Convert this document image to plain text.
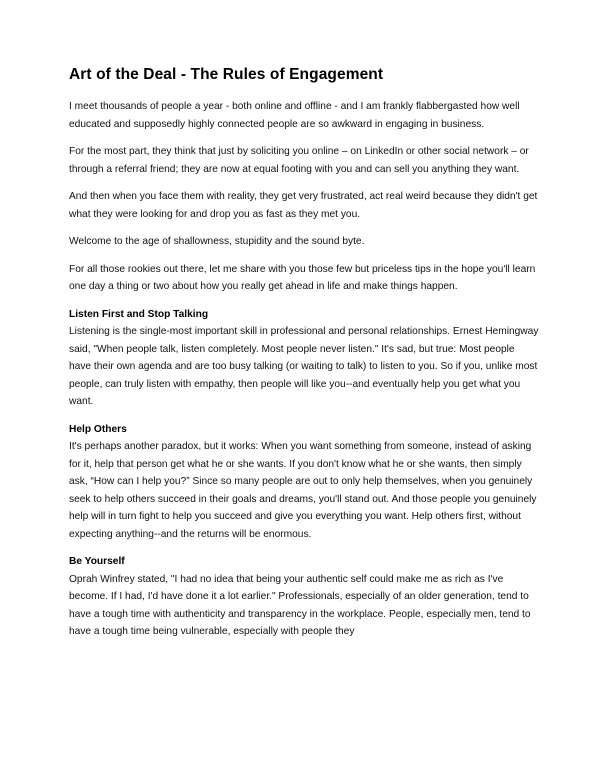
Art of the Deal - The Rules of Engagement

I meet thousands of people a year - both online and offline - and I am frankly flabbergasted how well educated and supposedly highly connected people are so awkward in engaging in business.

For the most part, they think that just by soliciting you online – on LinkedIn or other social network – or through a referral friend; they are now at equal footing with you and can sell you anything they want.

And then when you face them with reality, they get very frustrated, act real weird because they didn't get what they were looking for and drop you as fast as they met you.

Welcome to the age of shallowness, stupidity and the sound byte.

For all those rookies out there, let me share with you those few but priceless tips in the hope you'll learn one day a thing or two about how you really get ahead in life and make things happen.

Listen First and Stop Talking

Listening is the single-most important skill in professional and personal relationships. Ernest Hemingway said, "When people talk, listen completely. Most people never listen." It's sad, but true: Most people have their own agenda and are too busy talking (or waiting to talk) to listen to you. So if you, unlike most people, can truly listen with empathy, then people will like you--and eventually help you get what you want.

Help Others

It's perhaps another paradox, but it works: When you want something from someone, instead of asking for it, help that person get what he or she wants. If you don't know what he or she wants, then simply ask, “How can I help you?” Since so many people are out to only help themselves, when you genuinely seek to help others succeed in their goals and dreams, you'll stand out. And those people you genuinely help will in turn fight to help you succeed and give you everything you want. Help others first, without expecting anything--and the returns will be enormous.

Be Yourself

Oprah Winfrey stated, "I had no idea that being your authentic self could make me as rich as I've become. If I had, I'd have done it a lot earlier." Professionals, especially of an older generation, tend to have a tough time with authenticity and transparency in the workplace. People, especially men, tend to have a tough time being vulnerable, especially with people they
